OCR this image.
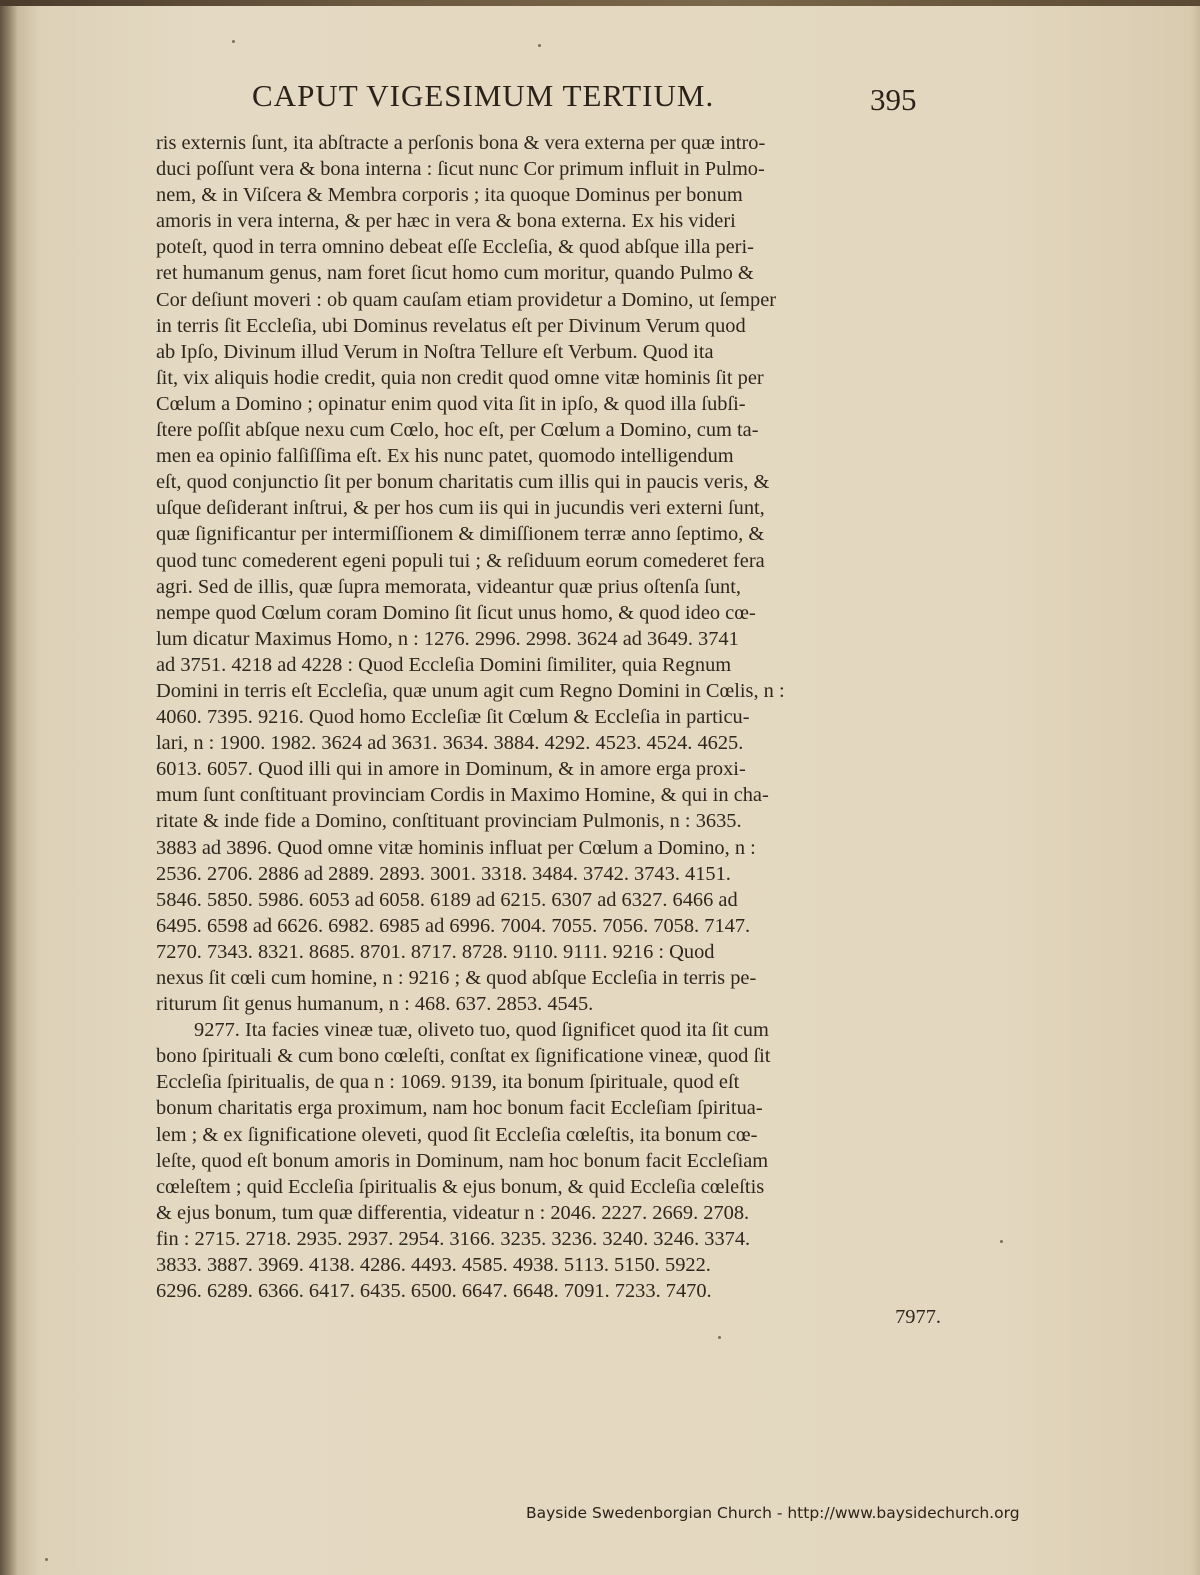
CAPUT VIGESIMUM TERTIUM.	395
ris externis ſunt, ita abſtracte a perſonis bona & vera externa per quæ intro-
duci poſſunt vera & bona interna : ſicut nunc Cor primum influit in Pulmo-
nem, & in Viſcera & Membra corporis ; ita quoque Dominus per bonum
amoris in vera interna, & per hæc in vera & bona externa. Ex his videri
poteſt, quod in terra omnino debeat eſſe Eccleſia, & quod abſque illa peri-
ret humanum genus, nam foret ſicut homo cum moritur, quando Pulmo &
Cor deſiunt moveri : ob quam cauſam etiam providetur a Domino, ut ſemper
in terris ſit Eccleſia, ubi Dominus revelatus eſt per Divinum Verum quod
ab Ipſo, Divinum illud Verum in Noſtra Tellure eſt Verbum. Quod ita
ſit, vix aliquis hodie credit, quia non credit quod omne vitæ hominis ſit per
Cœlum a Domino ; opinatur enim quod vita ſit in ipſo, & quod illa ſubſi-
ſtere poſſit abſque nexu cum Cœlo, hoc eſt, per Cœlum a Domino, cum ta-
men ea opinio falſiſſima eſt. Ex his nunc patet, quomodo intelligendum
eſt, quod conjunctio ſit per bonum charitatis cum illis qui in paucis veris, &
uſque deſiderant inſtrui, & per hos cum iis qui in jucundis veri externi ſunt,
quæ ſignificantur per intermiſſionem & dimiſſionem terræ anno ſeptimo, &
quod tunc comederent egeni populi tui ; & reſiduum eorum comederet fera
agri. Sed de illis, quæ ſupra memorata, videantur quæ prius oſtenſa ſunt,
nempe quod Cœlum coram Domino ſit ſicut unus homo, & quod ideo cœ-
lum dicatur Maximus Homo, n : 1276. 2996. 2998. 3624 ad 3649. 3741
ad 3751. 4218 ad 4228 : Quod Eccleſia Domini ſimiliter, quia Regnum
Domini in terris eſt Eccleſia, quæ unum agit cum Regno Domini in Cœlis, n :
4060. 7395. 9216. Quod homo Eccleſiæ ſit Cœlum & Eccleſia in particu-
lari, n : 1900. 1982. 3624 ad 3631. 3634. 3884. 4292. 4523. 4524. 4625.
6013. 6057. Quod illi qui in amore in Dominum, & in amore erga proxi-
mum ſunt conſtituant provinciam Cordis in Maximo Homine, & qui in cha-
ritate & inde fide a Domino, conſtituant provinciam Pulmonis, n : 3635.
3883 ad 3896. Quod omne vitæ hominis influat per Cœlum a Domino, n :
2536. 2706. 2886 ad 2889. 2893. 3001. 3318. 3484. 3742. 3743. 4151.
5846. 5850. 5986. 6053 ad 6058. 6189 ad 6215. 6307 ad 6327. 6466 ad
6495. 6598 ad 6626. 6982. 6985 ad 6996. 7004. 7055. 7056. 7058. 7147.
7270. 7343. 8321. 8685. 8701. 8717. 8728. 9110. 9111. 9216 : Quod
nexus ſit cœli cum homine, n : 9216 ; & quod abſque Eccleſia in terris pe-
riturum ſit genus humanum, n : 468. 637. 2853. 4545.
9277. Ita facies vineæ tuæ, oliveto tuo, quod ſignificet quod ita ſit cum
bono ſpirituali & cum bono cœleſti, conſtat ex ſignificatione vineæ, quod ſit
Eccleſia ſpiritualis, de qua n : 1069. 9139, ita bonum ſpirituale, quod eſt
bonum charitatis erga proximum, nam hoc bonum facit Eccleſiam ſpiritua-
lem ; & ex ſignificatione oleveti, quod ſit Eccleſia cœleſtis, ita bonum cœ-
leſte, quod eſt bonum amoris in Dominum, nam hoc bonum facit Eccleſiam
cœleſtem ; quid Eccleſia ſpiritualis & ejus bonum, & quid Eccleſia cœleſtis
& ejus bonum, tum quæ differentia, videatur n : 2046. 2227. 2669. 2708.
fin : 2715. 2718. 2935. 2937. 2954. 3166. 3235. 3236. 3240. 3246. 3374.
3833. 3887. 3969. 4138. 4286. 4493. 4585. 4938. 5113. 5150. 5922.
6296. 6289. 6366. 6417. 6435. 6500. 6647. 6648. 7091. 7233. 7470.
7977.
Bayside Swedenborgian Church - http://www.baysidechurch.org
